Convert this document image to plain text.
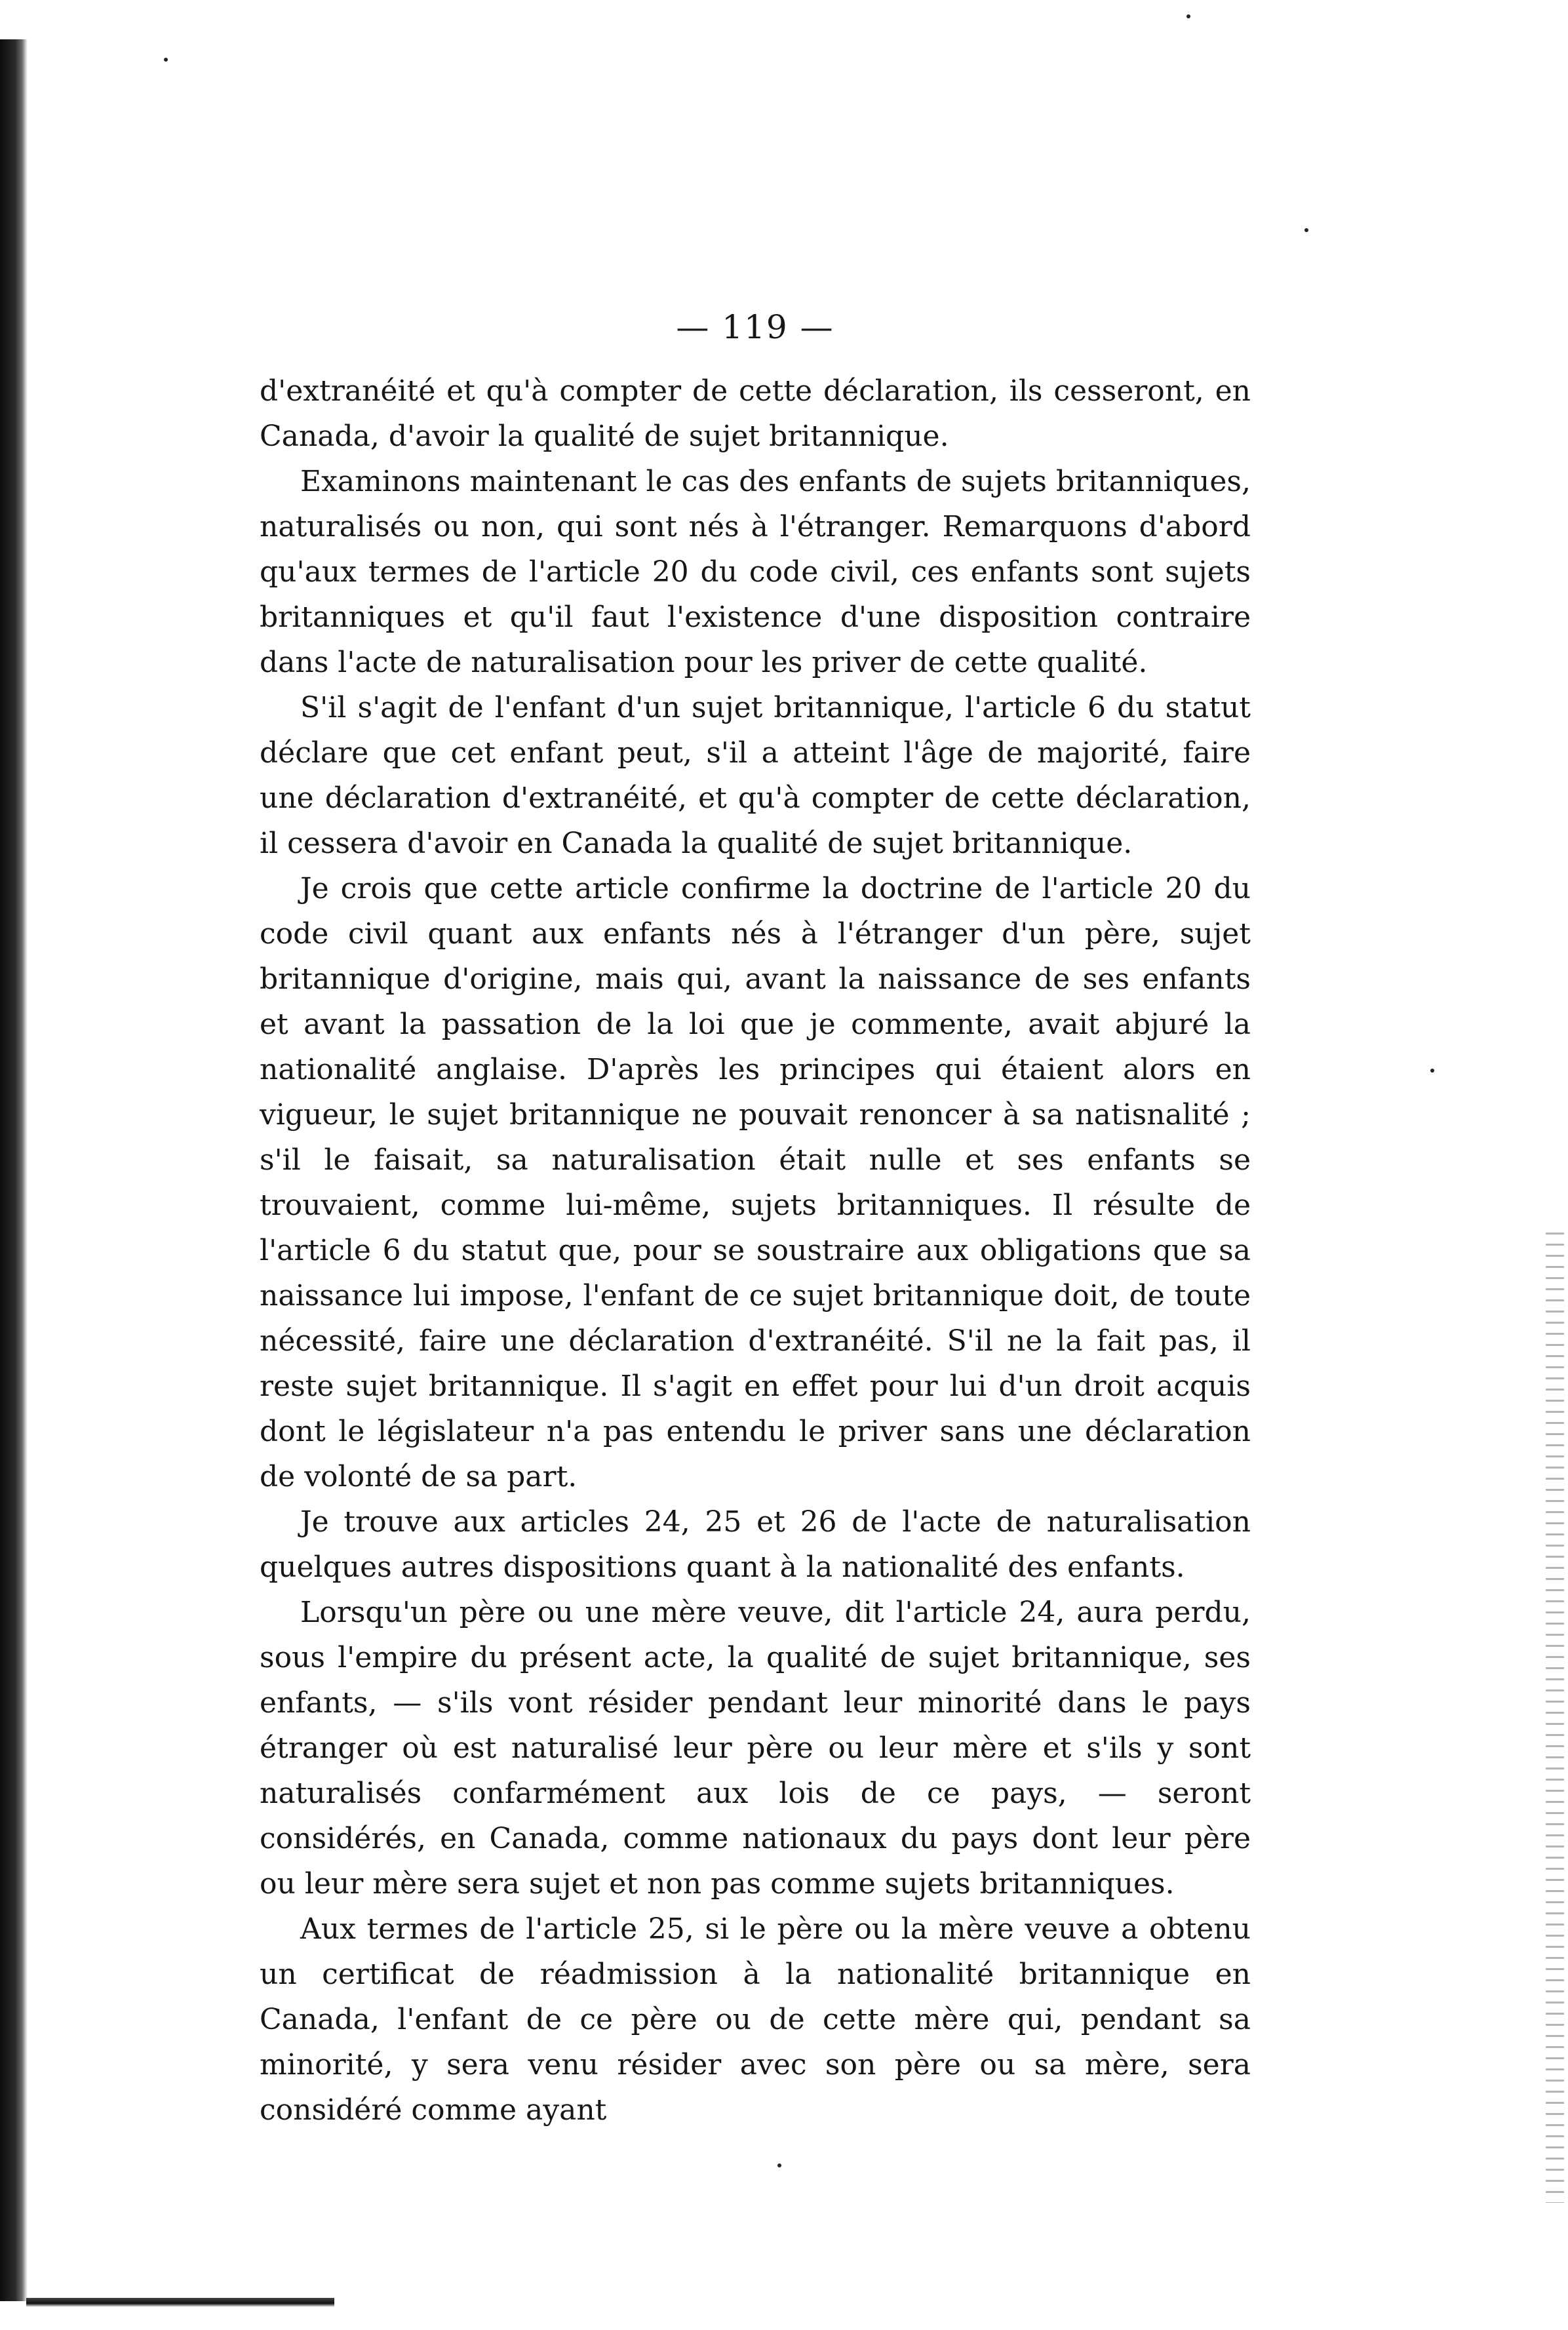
— 119 —

d'extranéité et qu'à compter de cette déclaration, ils cesseront, en Canada, d'avoir la qualité de sujet britannique.

Examinons maintenant le cas des enfants de sujets britanniques, naturalisés ou non, qui sont nés à l'étranger. Remarquons d'abord qu'aux termes de l'article 20 du code civil, ces enfants sont sujets britanniques et qu'il faut l'existence d'une disposition contraire dans l'acte de naturalisation pour les priver de cette qualité.

S'il s'agit de l'enfant d'un sujet britannique, l'article 6 du statut déclare que cet enfant peut, s'il a atteint l'âge de majorité, faire une déclaration d'extranéité, et qu'à compter de cette déclaration, il cessera d'avoir en Canada la qualité de sujet britannique.

Je crois que cette article confirme la doctrine de l'article 20 du code civil quant aux enfants nés à l'étranger d'un père, sujet britannique d'origine, mais qui, avant la naissance de ses enfants et avant la passation de la loi que je commente, avait abjuré la nationalité anglaise. D'après les principes qui étaient alors en vigueur, le sujet britannique ne pouvait renoncer à sa natisnalité ; s'il le faisait, sa naturalisation était nulle et ses enfants se trouvaient, comme lui-même, sujets britanniques. Il résulte de l'article 6 du statut que, pour se soustraire aux obligations que sa naissance lui impose, l'enfant de ce sujet britannique doit, de toute nécessité, faire une déclaration d'extranéité. S'il ne la fait pas, il reste sujet britannique. Il s'agit en effet pour lui d'un droit acquis dont le législateur n'a pas entendu le priver sans une déclaration de volonté de sa part.

Je trouve aux articles 24, 25 et 26 de l'acte de naturalisation quelques autres dispositions quant à la nationalité des enfants.

Lorsqu'un père ou une mère veuve, dit l'article 24, aura perdu, sous l'empire du présent acte, la qualité de sujet britannique, ses enfants, — s'ils vont résider pendant leur minorité dans le pays étranger où est naturalisé leur père ou leur mère et s'ils y sont naturalisés confarmément aux lois de ce pays, — seront considérés, en Canada, comme nationaux du pays dont leur père ou leur mère sera sujet et non pas comme sujets britanniques.

Aux termes de l'article 25, si le père ou la mère veuve a obtenu un certificat de réadmission à la nationalité britannique en Canada, l'enfant de ce père ou de cette mère qui, pendant sa minorité, y sera venu résider avec son père ou sa mère, sera considéré comme ayant
